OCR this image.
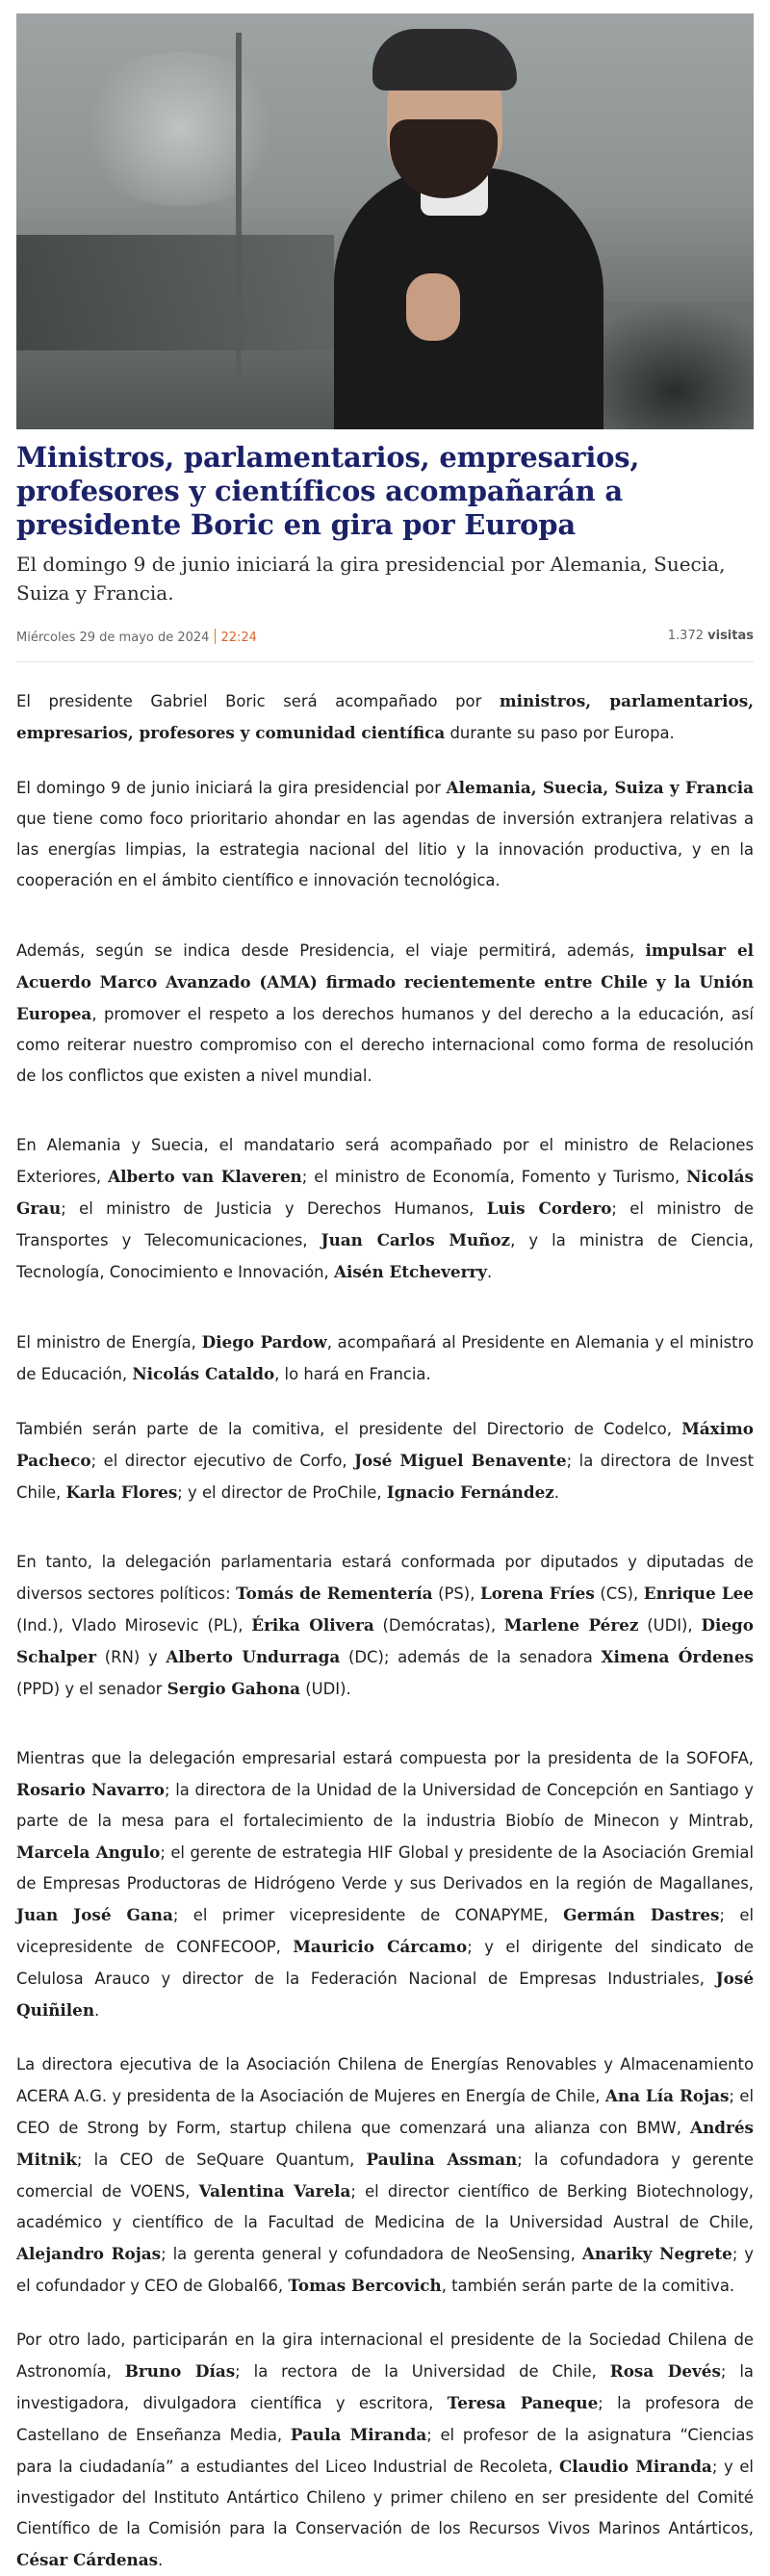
Ministros, parlamentarios, empresarios, profesores y científicos acompañarán a presidente Boric en gira por Europa
El domingo 9 de junio iniciará la gira presidencial por Alemania, Suecia, Suiza y Francia.
Miércoles 29 de mayo de 2024 22:24	1.372 visitas

El presidente Gabriel Boric será acompañado por ministros, parlamentarios, empresarios, profesores y comunidad científica durante su paso por Europa.

El domingo 9 de junio iniciará la gira presidencial por Alemania, Suecia, Suiza y Francia que tiene como foco prioritario ahondar en las agendas de inversión extranjera relativas a las energías limpias, la estrategia nacional del litio y la innovación productiva, y en la cooperación en el ámbito científico e innovación tecnológica.

Además, según se indica desde Presidencia, el viaje permitirá, además, impulsar el Acuerdo Marco Avanzado (AMA) firmado recientemente entre Chile y la Unión Europea, promover el respeto a los derechos humanos y del derecho a la educación, así como reiterar nuestro compromiso con el derecho internacional como forma de resolución de los conflictos que existen a nivel mundial.

En Alemania y Suecia, el mandatario será acompañado por el ministro de Relaciones Exteriores, Alberto van Klaveren; el ministro de Economía, Fomento y Turismo, Nicolás Grau; el ministro de Justicia y Derechos Humanos, Luis Cordero; el ministro de Transportes y Telecomunicaciones, Juan Carlos Muñoz, y la ministra de Ciencia, Tecnología, Conocimiento e Innovación, Aisén Etcheverry.

El ministro de Energía, Diego Pardow, acompañará al Presidente en Alemania y el ministro de Educación, Nicolás Cataldo, lo hará en Francia.

También serán parte de la comitiva, el presidente del Directorio de Codelco, Máximo Pacheco; el director ejecutivo de Corfo, José Miguel Benavente; la directora de Invest Chile, Karla Flores; y el director de ProChile, Ignacio Fernández.

En tanto, la delegación parlamentaria estará conformada por diputados y diputadas de diversos sectores políticos: Tomás de Rementería (PS), Lorena Fríes (CS), Enrique Lee (Ind.), Vlado Mirosevic (PL), Érika Olivera (Demócratas), Marlene Pérez (UDI), Diego Schalper (RN) y Alberto Undurraga (DC); además de la senadora Ximena Órdenes (PPD) y el senador Sergio Gahona (UDI).

Mientras que la delegación empresarial estará compuesta por la presidenta de la SOFOFA, Rosario Navarro; la directora de la Unidad de la Universidad de Concepción en Santiago y parte de la mesa para el fortalecimiento de la industria Biobío de Minecon y Mintrab, Marcela Angulo; el gerente de estrategia HIF Global y presidente de la Asociación Gremial de Empresas Productoras de Hidrógeno Verde y sus Derivados en la región de Magallanes, Juan José Gana; el primer vicepresidente de CONAPYME, Germán Dastres; el vicepresidente de CONFECOOP, Mauricio Cárcamo; y el dirigente del sindicato de Celulosa Arauco y director de la Federación Nacional de Empresas Industriales, José Quiñilen.

La directora ejecutiva de la Asociación Chilena de Energías Renovables y Almacenamiento ACERA A.G. y presidenta de la Asociación de Mujeres en Energía de Chile, Ana Lía Rojas; el CEO de Strong by Form, startup chilena que comenzará una alianza con BMW, Andrés Mitnik; la CEO de SeQuare Quantum, Paulina Assman; la cofundadora y gerente comercial de VOENS, Valentina Varela; el director científico de Berking Biotechnology, académico y científico de la Facultad de Medicina de la Universidad Austral de Chile, Alejandro Rojas; la gerenta general y cofundadora de NeoSensing, Anariky Negrete; y el cofundador y CEO de Global66, Tomas Bercovich, también serán parte de la comitiva.

Por otro lado, participarán en la gira internacional el presidente de la Sociedad Chilena de Astronomía, Bruno Días; la rectora de la Universidad de Chile, Rosa Devés; la investigadora, divulgadora científica y escritora, Teresa Paneque; la profesora de Castellano de Enseñanza Media, Paula Miranda; el profesor de la asignatura “Ciencias para la ciudadanía” a estudiantes del Liceo Industrial de Recoleta, Claudio Miranda; y el investigador del Instituto Antártico Chileno y primer chileno en ser presidente del Comité Científico de la Comisión para la Conservación de los Recursos Vivos Marinos Antárticos, César Cárdenas.
